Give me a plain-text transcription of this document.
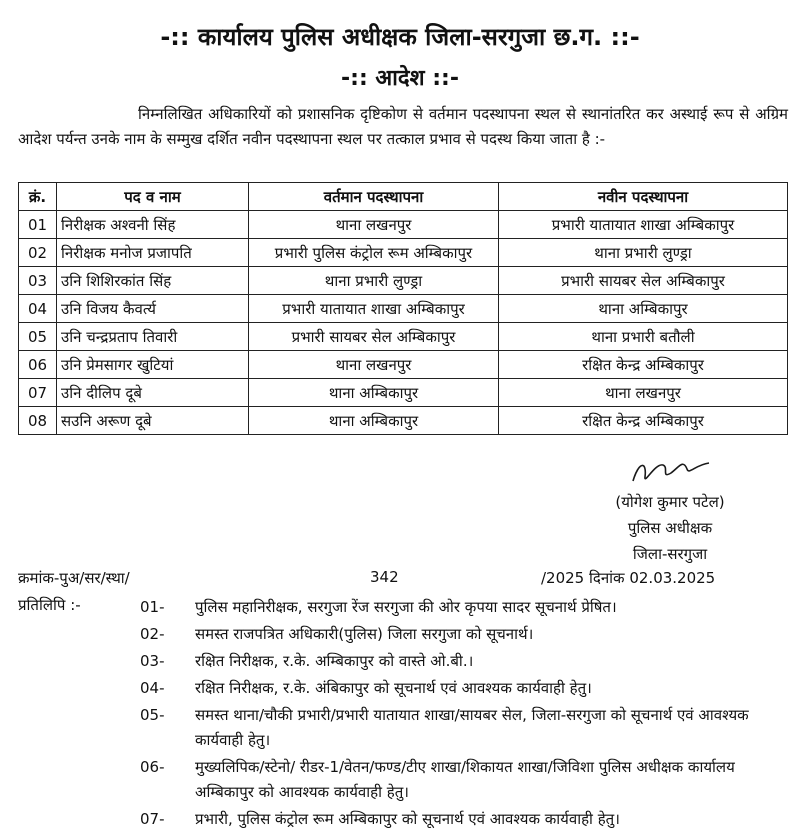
-:: कार्यालय पुलिस अधीक्षक जिला-सरगुजा छ.ग. ::-
-:: आदेश ::-
निम्नलिखित अधिकारियों को प्रशासनिक दृष्टिकोण से वर्तमान पदस्थापना स्थल से स्थानांतरित कर अस्थाई रूप से अग्रिम आदेश पर्यन्त उनके नाम के सम्मुख दर्शित नवीन पदस्थापना स्थल पर तत्काल प्रभाव से पदस्थ किया जाता है :-
क्रं.	पद व नाम	वर्तमान पदस्थापना	नवीन पदस्थापना
01	निरीक्षक अश्वनी सिंह	थाना लखनपुर	प्रभारी यातायात शाखा अम्बिकापुर
02	निरीक्षक मनोज प्रजापति	प्रभारी पुलिस कंट्रोल रूम अम्बिकापुर	थाना प्रभारी लुण्ड्रा
03	उनि शिशिरकांत सिंह	थाना प्रभारी लुण्ड्रा	प्रभारी सायबर सेल अम्बिकापुर
04	उनि विजय कैवर्त्य	प्रभारी यातायात शाखा अम्बिकापुर	थाना अम्बिकापुर
05	उनि चन्द्रप्रताप तिवारी	प्रभारी सायबर सेल अम्बिकापुर	थाना प्रभारी बतौली
06	उनि प्रेमसागर खुटियां	थाना लखनपुर	रक्षित केन्द्र अम्बिकापुर
07	उनि दीलिप दूबे	थाना अम्बिकापुर	थाना लखनपुर
08	सउनि अरूण दूबे	थाना अम्बिकापुर	रक्षित केन्द्र अम्बिकापुर
(योगेश कुमार पटेल)
पुलिस अधीक्षक
जिला-सरगुजा
क्रमांक-पुअ/सर/स्था/	342	/2025 दिनांक 02.03.2025
प्रतिलिपि :-	01-	पुलिस महानिरीक्षक, सरगुजा रेंज सरगुजा की ओर कृपया सादर सूचनार्थ प्रेषित।
02-	समस्त राजपत्रित अधिकारी(पुलिस) जिला सरगुजा को सूचनार्थ।
03-	रक्षित निरीक्षक, र.के. अम्बिकापुर को वास्ते ओ.बी.।
04-	रक्षित निरीक्षक, र.के. अंबिकापुर को सूचनार्थ एवं आवश्यक कार्यवाही हेतु।
05-	समस्त थाना/चौकी प्रभारी/प्रभारी यातायात शाखा/सायबर सेल, जिला-सरगुजा को सूचनार्थ एवं आवश्यक कार्यवाही हेतु।
06-	मुख्यलिपिक/स्टेनो/ रीडर-1/वेतन/फण्ड/टीए शाखा/शिकायत शाखा/जिविशा पुलिस अधीक्षक कार्यालय अम्बिकापुर को आवश्यक कार्यवाही हेतु।
07-	प्रभारी, पुलिस कंट्रोल रूम अम्बिकापुर को सूचनार्थ एवं आवश्यक कार्यवाही हेतु।
